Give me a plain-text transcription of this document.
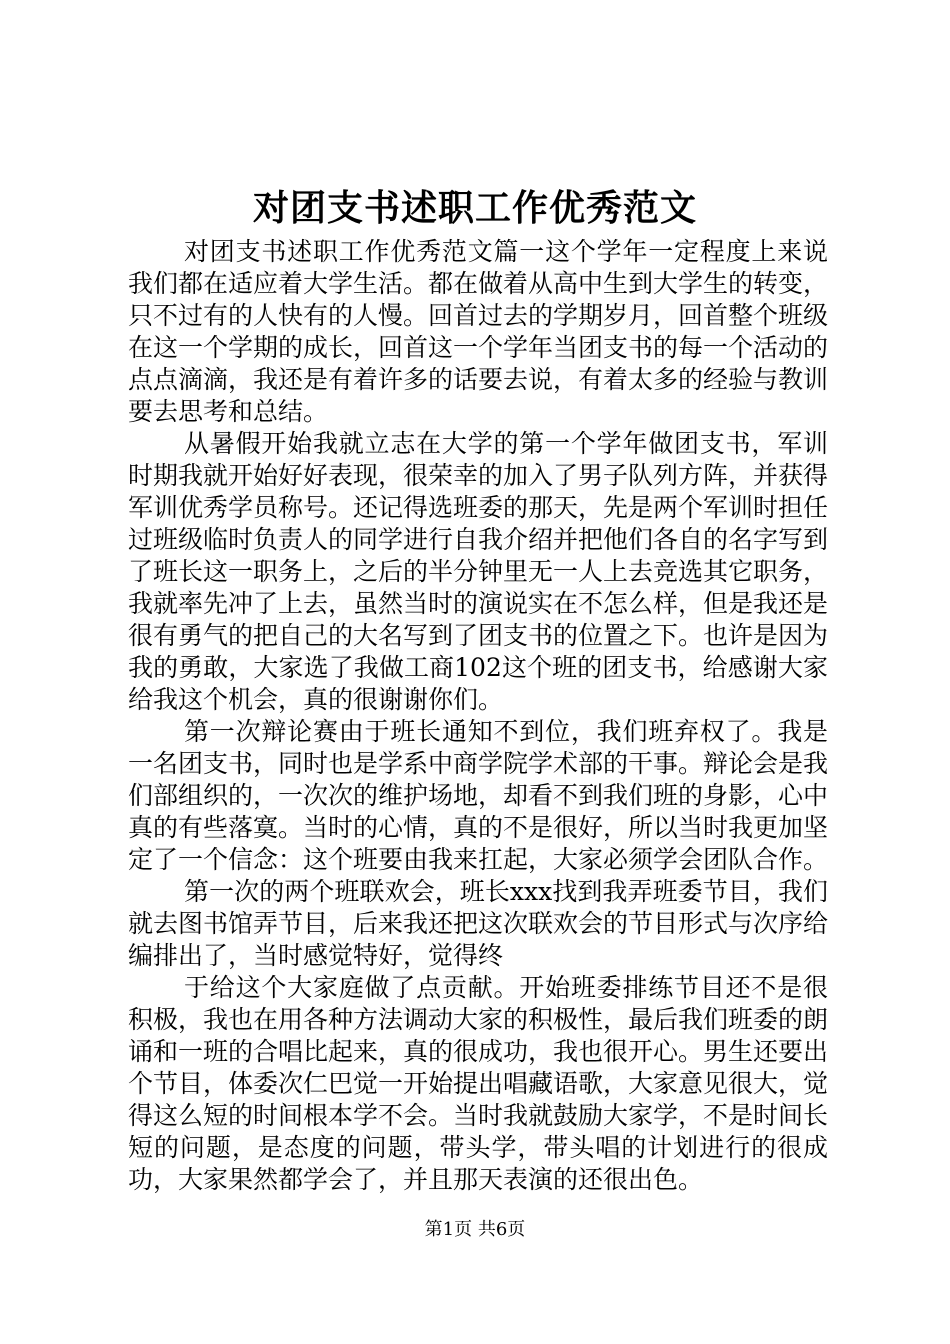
对团支书述职工作优秀范文

对团支书述职工作优秀范文篇一这个学年一定程度上来说我们都在适应着大学生活。都在做着从高中生到大学生的转变，只不过有的人快有的人慢。回首过去的学期岁月，回首整个班级在这一个学期的成长，回首这一个学年当团支书的每一个活动的点点滴滴，我还是有着许多的话要去说，有着太多的经验与教训要去思考和总结。

从暑假开始我就立志在大学的第一个学年做团支书，军训时期我就开始好好表现，很荣幸的加入了男子队列方阵，并获得军训优秀学员称号。还记得选班委的那天，先是两个军训时担任过班级临时负责人的同学进行自我介绍并把他们各自的名字写到了班长这一职务上，之后的半分钟里无一人上去竞选其它职务，我就率先冲了上去，虽然当时的演说实在不怎么样，但是我还是很有勇气的把自己的大名写到了团支书的位置之下。也许是因为我的勇敢，大家选了我做工商102这个班的团支书，给感谢大家给我这个机会，真的很谢谢你们。

第一次辩论赛由于班长通知不到位，我们班弃权了。我是一名团支书，同时也是学系中商学院学术部的干事。辩论会是我们部组织的，一次次的维护场地，却看不到我们班的身影，心中真的有些落寞。当时的心情，真的不是很好，所以当时我更加坚定了一个信念：这个班要由我来扛起，大家必须学会团队合作。

第一次的两个班联欢会，班长xxx找到我弄班委节目，我们就去图书馆弄节目，后来我还把这次联欢会的节目形式与次序给编排出了，当时感觉特好，觉得终

于给这个大家庭做了点贡献。开始班委排练节目还不是很积极，我也在用各种方法调动大家的积极性，最后我们班委的朗诵和一班的合唱比起来，真的很成功，我也很开心。男生还要出个节目，体委次仁巴觉一开始提出唱藏语歌，大家意见很大，觉得这么短的时间根本学不会。当时我就鼓励大家学，不是时间长短的问题，是态度的问题，带头学，带头唱的计划进行的很成功，大家果然都学会了，并且那天表演的还很出色。

第1页 共6页
